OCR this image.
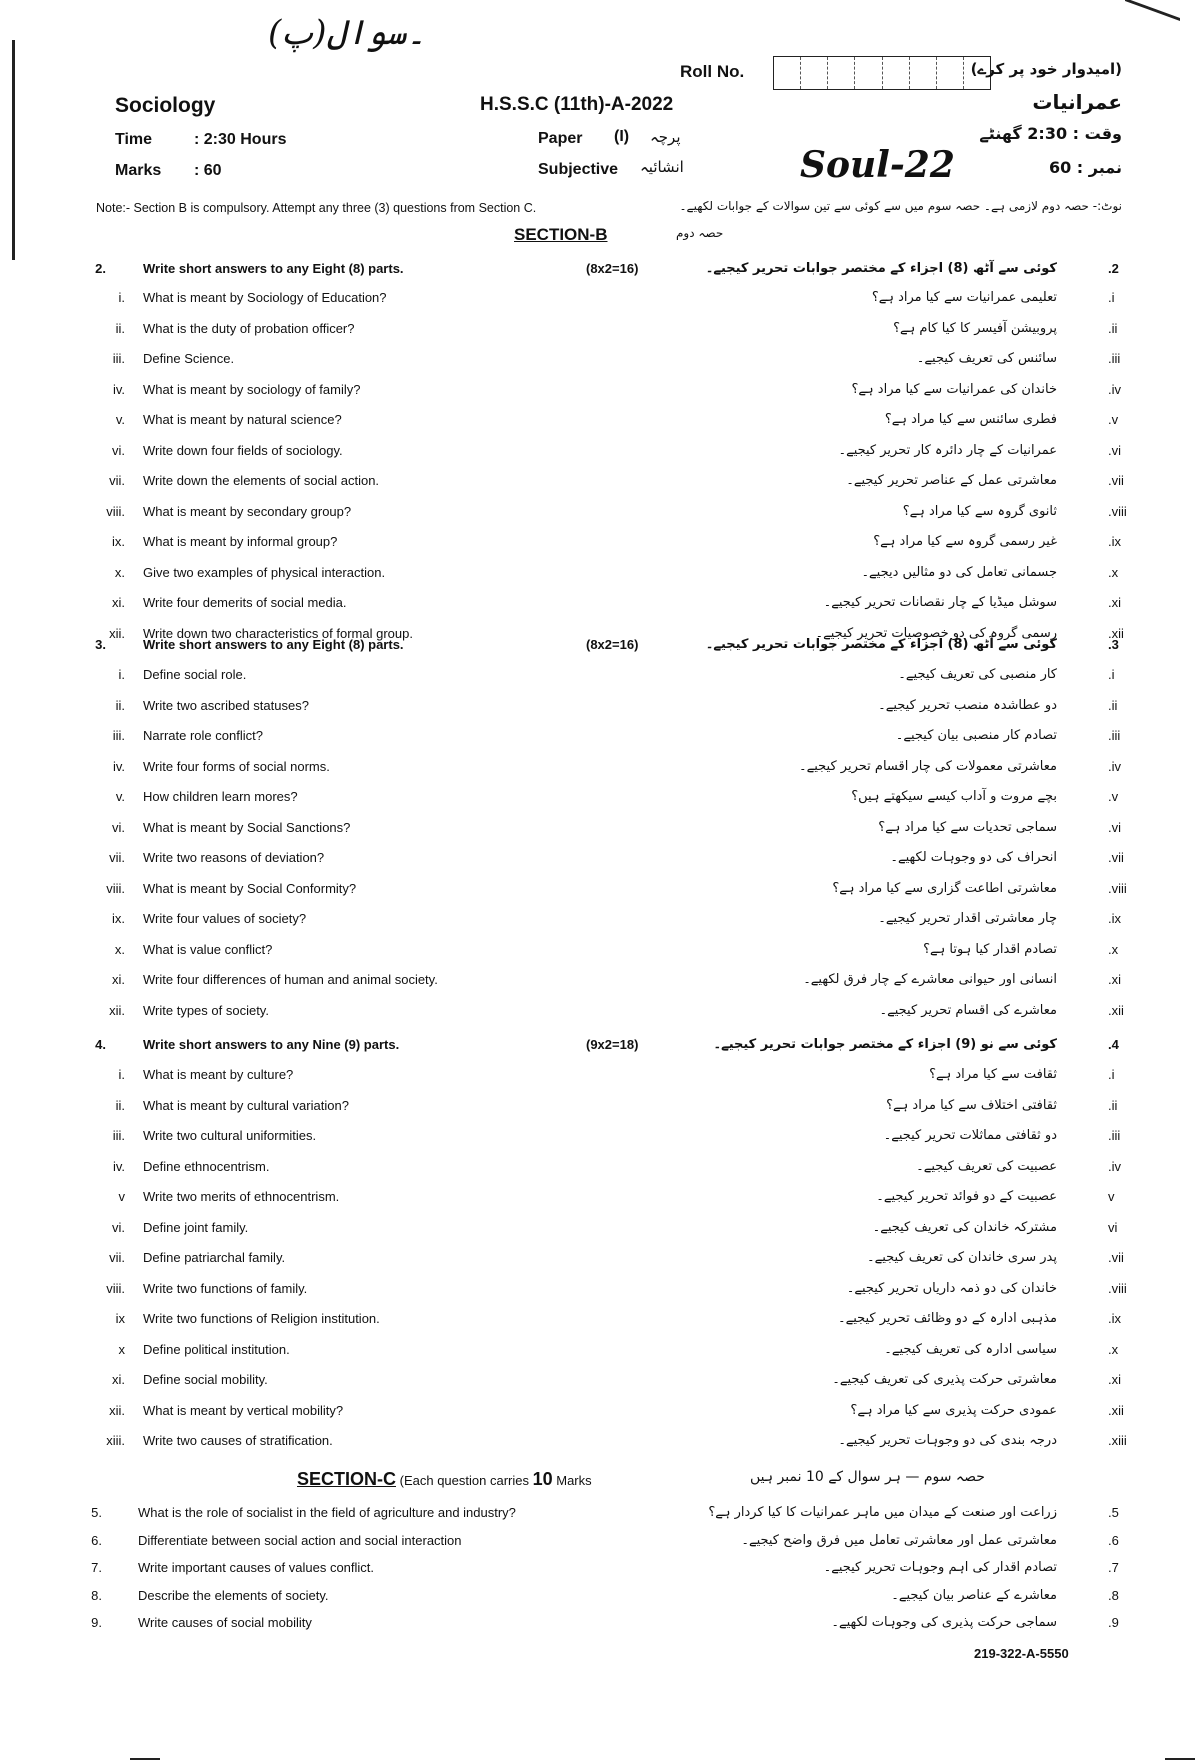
(پ)۔سوال
Roll No.	(امیدوار خود پر کرے)
Sociology	H.S.S.C (11th)-A-2022	عمرانیات
Time	: 2:30 Hours	Paper (I) پرچہ	وقت : 2:30 گھنٹے
Marks : 60	Subjective انشائیہ	Soul-22	نمبر : 60
Note:- Section B is compulsory. Attempt any three (3) questions from Section C.	نوٹ:- حصہ دوم لازمی ہے۔ حصہ سوم میں سے کوئی سے تین سوالات کے جوابات لکھیے۔
SECTION-B	حصہ دوم
2.	Write short answers to any Eight (8) parts.	(8x2=16)	کوئی سے آٹھ (8) اجزاء کے مختصر جوابات تحریر کیجیے۔	.2
i. What is meant by Sociology of Education?	تعلیمی عمرانیات سے کیا مراد ہے؟	.i
ii. What is the duty of probation officer?	پروبیشن آفیسر کا کیا کام ہے؟	.ii
iii. Define Science.	سائنس کی تعریف کیجیے۔	.iii
iv. What is meant by sociology of family?	خاندان کی عمرانیات سے کیا مراد ہے؟	.iv
v. What is meant by natural science?	فطری سائنس سے کیا مراد ہے؟	.v
vi. Write down four fields of sociology.	عمرانیات کے چار دائرہ کار تحریر کیجیے۔	.vi
vii. Write down the elements of social action.	معاشرتی عمل کے عناصر تحریر کیجیے۔	.vii
viii. What is meant by secondary group?	ثانوی گروہ سے کیا مراد ہے؟	.viii
ix. What is meant by informal group?	غیر رسمی گروہ سے کیا مراد ہے؟	.ix
x. Give two examples of physical interaction.	جسمانی تعامل کی دو مثالیں دیجیے۔	.x
xi. Write four demerits of social media.	سوشل میڈیا کے چار نقصانات تحریر کیجیے۔	.xi
xii. Write down two characteristics of formal group.	رسمی گروہ کی دو خصوصیات تحریر کیجیے۔	.xii
3.	Write short answers to any Eight (8) parts.	(8x2=16)	کوئی سے آٹھ (8) اجزاء کے مختصر جوابات تحریر کیجیے۔	.3
i. Define social role.	کار منصبی کی تعریف کیجیے۔	.i
ii. Write two ascribed statuses?	دو عطاشدہ منصب تحریر کیجیے۔	.ii
iii. Narrate role conflict?	تصادم کار منصبی بیان کیجیے۔	.iii
iv. Write four forms of social norms.	معاشرتی معمولات کی چار اقسام تحریر کیجیے۔	.iv
v. How children learn mores?	بچے مروت و آداب کیسے سیکھتے ہیں؟	.v
vi. What is meant by Social Sanctions?	سماجی تحدیات سے کیا مراد ہے؟	.vi
vii. Write two reasons of deviation?	انحراف کی دو وجوہات لکھیے۔	.vii
viii. What is meant by Social Conformity?	معاشرتی اطاعت گزاری سے کیا مراد ہے؟	.viii
ix. Write four values of society?	چار معاشرتی اقدار تحریر کیجیے۔	.ix
x. What is value conflict?	تصادم اقدار کیا ہوتا ہے؟	.x
xi. Write four differences of human and animal society.	انسانی اور حیوانی معاشرے کے چار فرق لکھیے۔	.xi
xii. Write types of society.	معاشرے کی اقسام تحریر کیجیے۔	.xii
4.	Write short answers to any Nine (9) parts.	(9x2=18)	کوئی سے نو (9) اجزاء کے مختصر جوابات تحریر کیجیے۔	.4
i. What is meant by culture?	ثقافت سے کیا مراد ہے؟	.i
ii. What is meant by cultural variation?	ثقافتی اختلاف سے کیا مراد ہے؟	.ii
iii. Write two cultural uniformities.	دو ثقافتی مماثلات تحریر کیجیے۔	.iii
iv. Define ethnocentrism.	عصبیت کی تعریف کیجیے۔	.iv
v Write two merits of ethnocentrism.	عصبیت کے دو فوائد تحریر کیجیے۔	v
vi. Define joint family.	مشترکہ خاندان کی تعریف کیجیے۔	vi
vii. Define patriarchal family.	پدر سری خاندان کی تعریف کیجیے۔	.vii
viii. Write two functions of family.	خاندان کی دو ذمہ داریاں تحریر کیجیے۔	.viii
ix Write two functions of Religion institution.	مذہبی ادارہ کے دو وظائف تحریر کیجیے۔	.ix
x Define political institution.	سیاسی ادارہ کی تعریف کیجیے۔	.x
xi. Define social mobility.	معاشرتی حرکت پذیری کی تعریف کیجیے۔	.xi
xii. What is meant by vertical mobility?	عمودی حرکت پذیری سے کیا مراد ہے؟	.xii
xiii. Write two causes of stratification.	درجہ بندی کی دو وجوہات تحریر کیجیے۔	.xiii
SECTION-C (Each question carries 10 Marks	حصہ سوم — ہر سوال کے 10 نمبر ہیں
5.	What is the role of socialist in the field of agriculture and industry?	زراعت اور صنعت کے میدان میں ماہر عمرانیات کا کیا کردار ہے؟	.5
6.	Differentiate between social action and social interaction	معاشرتی عمل اور معاشرتی تعامل میں فرق واضح کیجیے۔	.6
7.	Write important causes of values conflict.	تصادم اقدار کی اہم وجوہات تحریر کیجیے۔	.7
8.	Describe the elements of society.	معاشرے کے عناصر بیان کیجیے۔	.8
9.	Write causes of social mobility	سماجی حرکت پذیری کی وجوہات لکھیے۔	.9
219-322-A-5550
